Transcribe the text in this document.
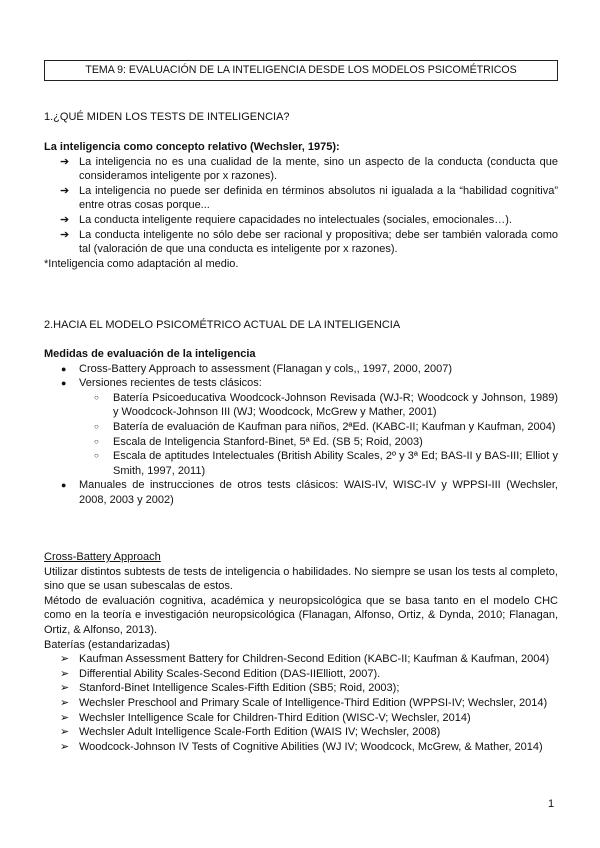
TEMA 9: EVALUACIÓN DE LA INTELIGENCIA DESDE LOS MODELOS PSICOMÉTRICOS
1.¿QUÉ MIDEN LOS TESTS DE INTELIGENCIA?
La inteligencia como concepto relativo (Wechsler, 1975):
➔ La inteligencia no es una cualidad de la mente, sino un aspecto de la conducta (conducta que consideramos inteligente por x razones).
➔ La inteligencia no puede ser definida en términos absolutos ni igualada a la “habilidad cognitiva” entre otras cosas porque...
➔ La conducta inteligente requiere capacidades no intelectuales (sociales, emocionales…).
➔ La conducta inteligente no sólo debe ser racional y propositiva; debe ser también valorada como tal (valoración de que una conducta es inteligente por x razones).
*Inteligencia como adaptación al medio.
2.HACIA EL MODELO PSICOMÉTRICO ACTUAL DE LA INTELIGENCIA
Medidas de evaluación de la inteligencia
● Cross-Battery Approach to assessment (Flanagan y cols,, 1997, 2000, 2007)
● Versiones recientes de tests clásicos:
○ Batería Psicoeducativa Woodcock-Johnson Revisada (WJ-R; Woodcock y Johnson, 1989) y Woodcock-Johnson III (WJ; Woodcock, McGrew y Mather, 2001)
○ Batería de evaluación de Kaufman para niños, 2ªEd. (KABC-II; Kaufman y Kaufman, 2004)
○ Escala de Inteligencia Stanford-Binet, 5ª Ed. (SB 5; Roid, 2003)
○ Escala de aptitudes Intelectuales (British Ability Scales, 2º y 3ª Ed; BAS-II y BAS-III; Elliot y Smith, 1997, 2011)
● Manuales de instrucciones de otros tests clásicos: WAIS-IV, WISC-IV y WPPSI-III (Wechsler, 2008, 2003 y 2002)
Cross-Battery Approach
Utilizar distintos subtests de tests de inteligencia o habilidades. No siempre se usan los tests al completo, sino que se usan subescalas de estos.
Método de evaluación cognitiva, académica y neuropsicológica que se basa tanto en el modelo CHC como en la teoría e investigación neuropsicológica (Flanagan, Alfonso, Ortiz, & Dynda, 2010; Flanagan, Ortiz, & Alfonso, 2013).
Baterías (estandarizadas)
➢ Kaufman Assessment Battery for Children-Second Edition (KABC-II; Kaufman & Kaufman, 2004)
➢ Differential Ability Scales-Second Edition (DAS-IIElliott, 2007).
➢ Stanford-Binet Intelligence Scales-Fifth Edition (SB5; Roid, 2003);
➢ Wechsler Preschool and Primary Scale of Intelligence-Third Edition (WPPSI-IV; Wechsler, 2014)
➢ Wechsler Intelligence Scale for Children-Third Edition (WISC-V; Wechsler, 2014)
➢ Wechsler Adult Intelligence Scale-Forth Edition (WAIS IV; Wechsler, 2008)
➢ Woodcock-Johnson IV Tests of Cognitive Abilities (WJ IV; Woodcock, McGrew, & Mather, 2014)
1
